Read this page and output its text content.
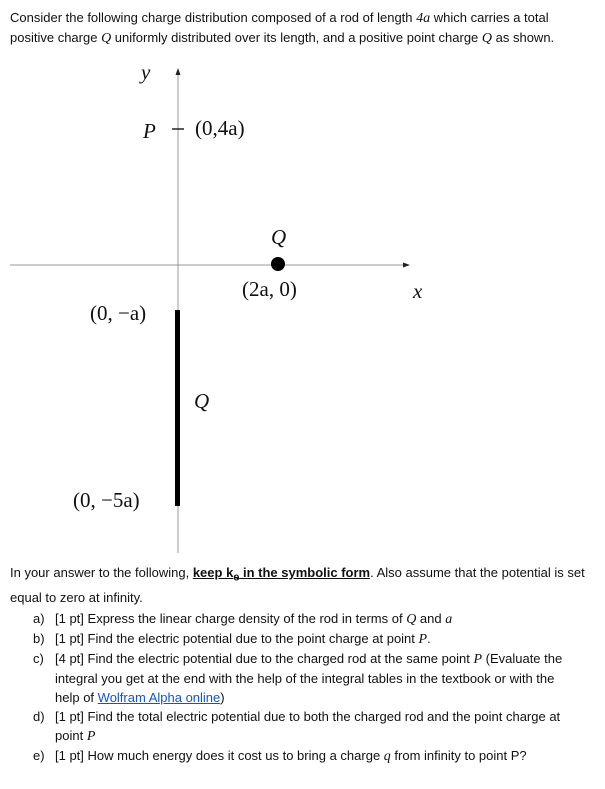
Consider the following charge distribution composed of a rod of length 4a which carries a total positive charge Q uniformly distributed over its length, and a positive point charge Q as shown.

y
x
P (0,4a)
Q
(2a, 0)
(0, −a)
Q
(0, −5a)

In your answer to the following, keep $k_e$ in the symbolic form. Also assume that the potential is set equal to zero at infinity.

a) [1 pt] Express the linear charge density of the rod in terms of Q and a
b) [1 pt] Find the electric potential due to the point charge at point P.
c) [4 pt] Find the electric potential due to the charged rod at the same point P (Evaluate the integral you get at the end with the help of the integral tables in the textbook or with the help of Wolfram Alpha online)
d) [1 pt] Find the total electric potential due to both the charged rod and the point charge at point P
e) [1 pt] How much energy does it cost us to bring a charge q from infinity to point P?
